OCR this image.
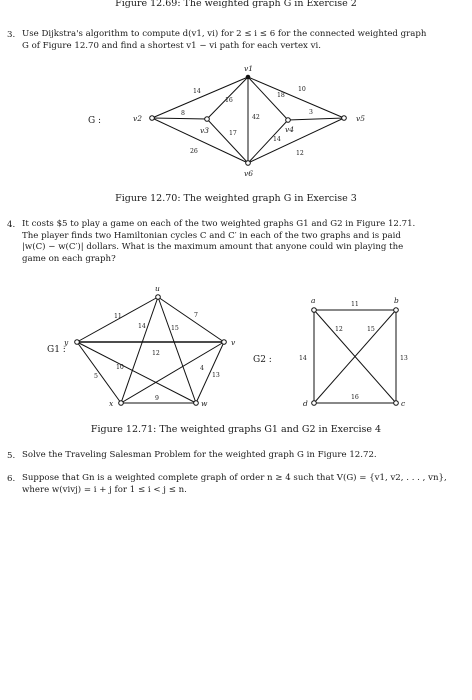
Figure 12.69: The weighted graph G in Exercise 2
3. Use Dijkstra's algorithm to compute d(v1, vi) for 2 ≤ i ≤ 6 for the connected weighted graph
G of Figure 12.70 and find a shortest v1 − vi path for each vertex vi.
G :
v1
v2
v3	v4
v5
v6
14
16
42
18
10
8
26
17
3
14
12
Figure 12.70: The weighted graph G in Exercise 3
4. It costs $5 to play a game on each of the two weighted graphs G1 and G2 in Figure 12.71.
The player finds two Hamiltonian cycles C and C′ in each of the two graphs and is paid
|w(C) − w(C′)| dollars. What is the maximum amount that anyone could win playing the
game on each graph?
G1 :
u
y	v
x	w
11	7
14	15
12
5
10
13
4
9
G2 :
a	b
d	c
11
12	15
14	13
16
Figure 12.71: The weighted graphs G1 and G2 in Exercise 4
5. Solve the Traveling Salesman Problem for the weighted graph G in Figure 12.72.
6. Suppose that Gn is a weighted complete graph of order n ≥ 4 such that V(G) = {v1, v2, . . . , vn},
where w(vivj) = i + j for 1 ≤ i < j ≤ n.
